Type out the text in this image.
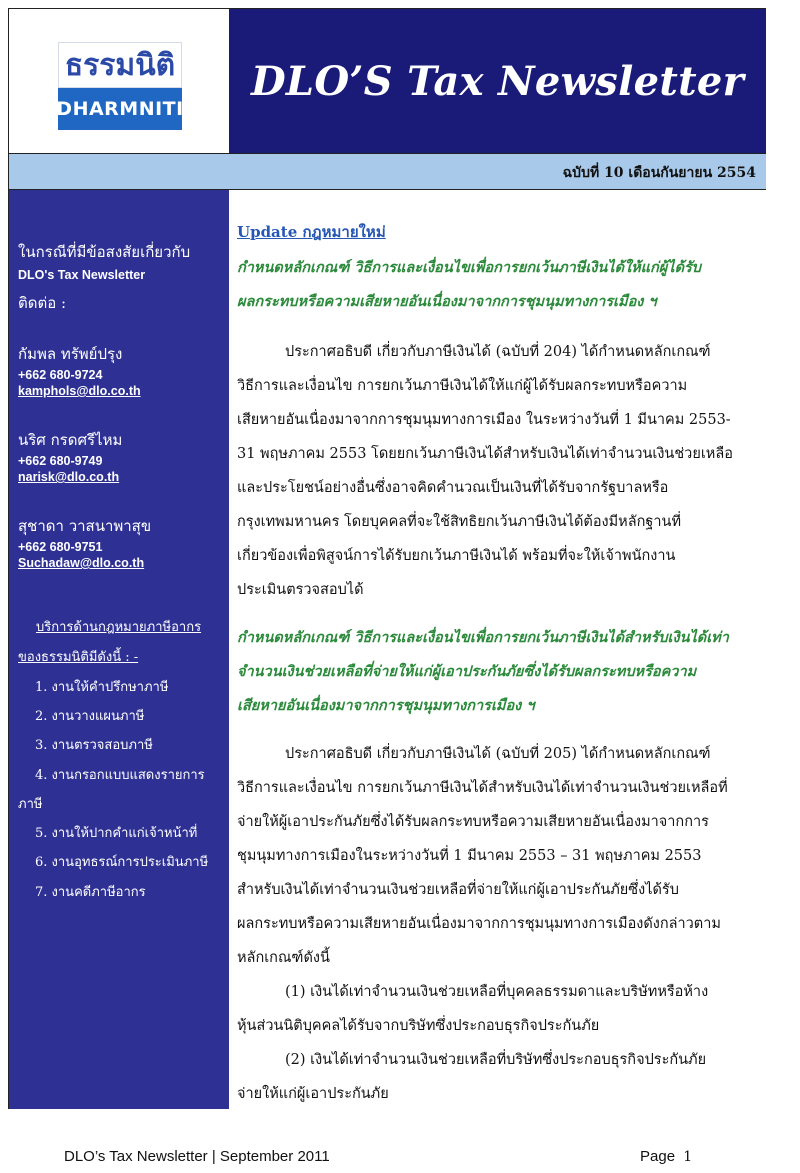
ธรรมนิติ
DHARMNITI
DLO’S Tax Newsletter
ฉบับที่ 10 เดือนกันยายน 2554

ในกรณีที่มีข้อสงสัยเกี่ยวกับ

DLO's Tax Newsletter

ติดต่อ :

กัมพล ทรัพย์ปรุง

+662 680-9724

kamphols@dlo.co.th

นริศ กรดศรีไหม

+662 680-9749

narisk@dlo.co.th

สุชาดา วาสนาพาสุข

+662 680-9751

Suchadaw@dlo.co.th

บริการด้านกฎหมายภาษีอากร

ของธรรมนิติมีดังนี้ : -

1. งานให้คำปรึกษาภาษี

2. งานวางแผนภาษี

3. งานตรวจสอบภาษี

4. งานกรอกแบบแสดงรายการ

ภาษี

5. งานให้ปากคำแก่เจ้าหน้าที่

6. งานอุทธรณ์การประเมินภาษี

7. งานคดีภาษีอากร

Update กฎหมายใหม่

กำหนดหลักเกณฑ์ วิธีการและเงื่อนไขเพื่อการยกเว้นภาษีเงินได้ให้แก่ผู้ได้รับ

ผลกระทบหรือความเสียหายอันเนื่องมาจากการชุมนุมทางการเมือง ฯ

ประกาศอธิบดี เกี่ยวกับภาษีเงินได้ (ฉบับที่ 204) ได้กำหนดหลักเกณฑ์

วิธีการและเงื่อนไข การยกเว้นภาษีเงินได้ให้แก่ผู้ได้รับผลกระทบหรือความ

เสียหายอันเนื่องมาจากการชุมนุมทางการเมือง ในระหว่างวันที่ 1 มีนาคม 2553-

31 พฤษภาคม 2553 โดยยกเว้นภาษีเงินได้สำหรับเงินได้เท่าจำนวนเงินช่วยเหลือ

และประโยชน์อย่างอื่นซึ่งอาจคิดคำนวณเป็นเงินที่ได้รับจากรัฐบาลหรือ

กรุงเทพมหานคร โดยบุคคลที่จะใช้สิทธิยกเว้นภาษีเงินได้ต้องมีหลักฐานที่

เกี่ยวข้องเพื่อพิสูจน์การได้รับยกเว้นภาษีเงินได้ พร้อมที่จะให้เจ้าพนักงาน

ประเมินตรวจสอบได้

กำหนดหลักเกณฑ์ วิธีการและเงื่อนไขเพื่อการยกเว้นภาษีเงินได้สำหรับเงินได้เท่า

จำนวนเงินช่วยเหลือที่จ่ายให้แก่ผู้เอาประกันภัยซึ่งได้รับผลกระทบหรือความ

เสียหายอันเนื่องมาจากการชุมนุมทางการเมือง ฯ

ประกาศอธิบดี เกี่ยวกับภาษีเงินได้ (ฉบับที่ 205) ได้กำหนดหลักเกณฑ์

วิธีการและเงื่อนไข การยกเว้นภาษีเงินได้สำหรับเงินได้เท่าจำนวนเงินช่วยเหลือที่

จ่ายให้ผู้เอาประกันภัยซึ่งได้รับผลกระทบหรือความเสียหายอันเนื่องมาจากการ

ชุมนุมทางการเมืองในระหว่างวันที่ 1 มีนาคม 2553 – 31 พฤษภาคม 2553

สำหรับเงินได้เท่าจำนวนเงินช่วยเหลือที่จ่ายให้แก่ผู้เอาประกันภัยซึ่งได้รับ

ผลกระทบหรือความเสียหายอันเนื่องมาจากการชุมนุมทางการเมืองดังกล่าวตาม

หลักเกณฑ์ดังนี้

(1) เงินได้เท่าจำนวนเงินช่วยเหลือที่บุคคลธรรมดาและบริษัทหรือห้าง

หุ้นส่วนนิติบุคคลได้รับจากบริษัทซึ่งประกอบธุรกิจประกันภัย

(2) เงินได้เท่าจำนวนเงินช่วยเหลือที่บริษัทซึ่งประกอบธุรกิจประกันภัย

จ่ายให้แก่ผู้เอาประกันภัย

DLO’s Tax Newsletter | September 2011	Page 1
